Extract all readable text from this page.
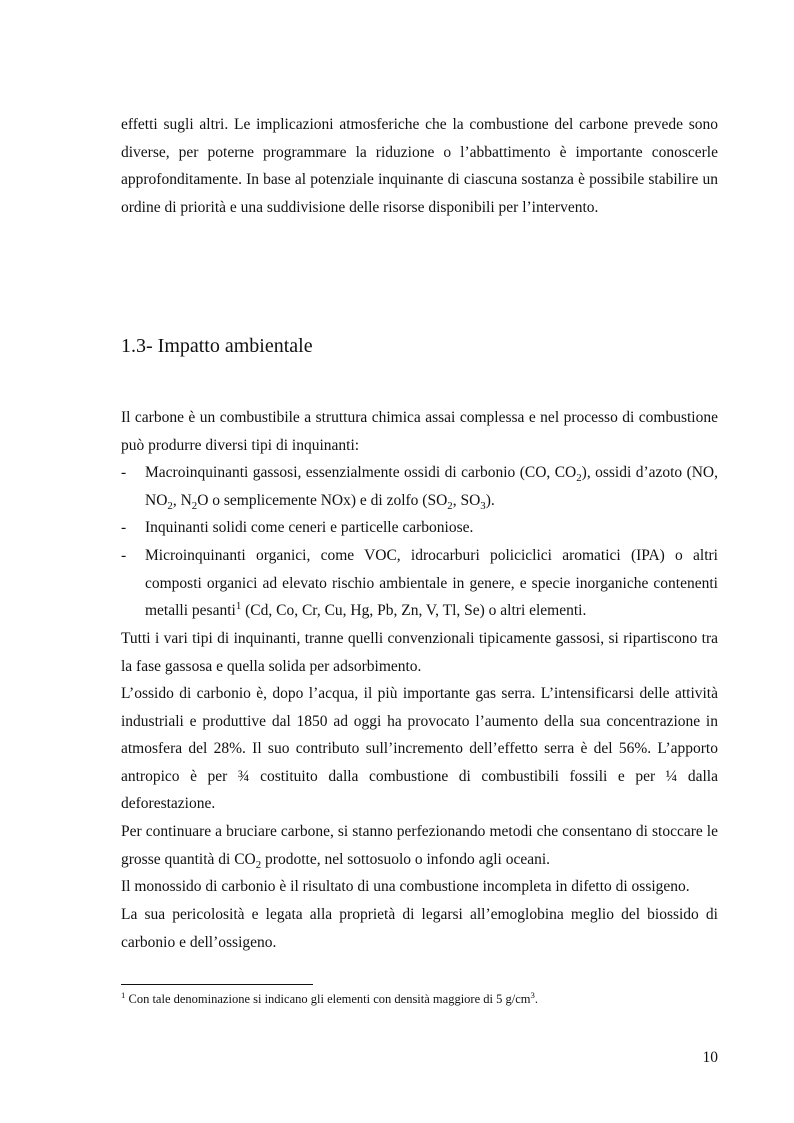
effetti sugli altri. Le implicazioni atmosferiche che la combustione del carbone prevede sono diverse, per poterne programmare la riduzione o l’abbattimento è importante conoscerle approfonditamente. In base al potenziale inquinante di ciascuna sostanza è possibile stabilire un ordine di priorità e una suddivisione delle risorse disponibili per l’intervento.

1.3- Impatto ambientale

Il carbone è un combustibile a struttura chimica assai complessa e nel processo di combustione può produrre diversi tipi di inquinanti:

- Macroinquinanti gassosi, essenzialmente ossidi di carbonio (CO, $CO_2$), ossidi d’azoto (NO, $NO_2$, $N_2O$ o semplicemente NOx) e di zolfo ($SO_2$, $SO_3$).
- Inquinanti solidi come ceneri e particelle carboniose.
- Microinquinanti organici, come VOC, idrocarburi policiclici aromatici (IPA) o altri composti organici ad elevato rischio ambientale in genere, e specie inorganiche contenenti metalli pesanti$^1$ (Cd, Co, Cr, Cu, Hg, Pb, Zn, V, Tl, Se) o altri elementi.

Tutti i vari tipi di inquinanti, tranne quelli convenzionali tipicamente gassosi, si ripartiscono tra la fase gassosa e quella solida per adsorbimento.

L’ossido di carbonio è, dopo l’acqua, il più importante gas serra. L’intensificarsi delle attività industriali e produttive dal 1850 ad oggi ha provocato l’aumento della sua concentrazione in atmosfera del 28%. Il suo contributo sull’incremento dell’effetto serra è del 56%. L’apporto antropico è per ¾ costituito dalla combustione di combustibili fossili e per ¼ dalla deforestazione.

Per continuare a bruciare carbone, si stanno perfezionando metodi che consentano di stoccare le grosse quantità di $CO_2$ prodotte, nel sottosuolo o infondo agli oceani.

Il monossido di carbonio è il risultato di una combustione incompleta in difetto di ossigeno.

La sua pericolosità e legata alla proprietà di legarsi all’emoglobina meglio del biossido di carbonio e dell’ossigeno.

$^1$ Con tale denominazione si indicano gli elementi con densità maggiore di 5 $g/cm^3$.

10
